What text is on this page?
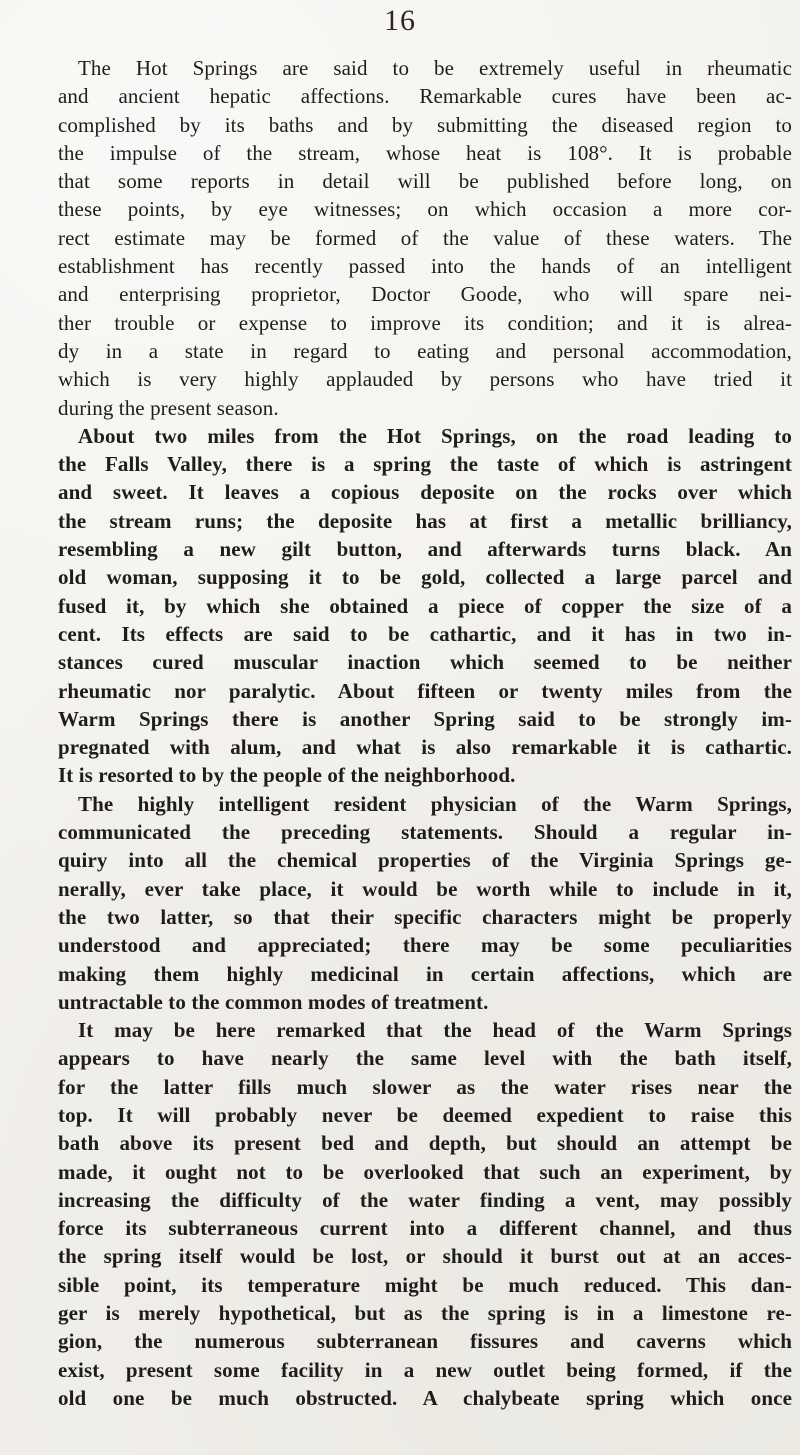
16
The Hot Springs are said to be extremely useful in rheumatic
and ancient hepatic affections. Remarkable cures have been ac-
complished by its baths and by submitting the diseased region to
the impulse of the stream, whose heat is 108°. It is probable
that some reports in detail will be published before long, on
these points, by eye witnesses; on which occasion a more cor-
rect estimate may be formed of the value of these waters. The
establishment has recently passed into the hands of an intelligent
and enterprising proprietor, Doctor Goode, who will spare nei-
ther trouble or expense to improve its condition; and it is alrea-
dy in a state in regard to eating and personal accommodation,
which is very highly applauded by persons who have tried it
during the present season.
About two miles from the Hot Springs, on the road leading to
the Falls Valley, there is a spring the taste of which is astringent
and sweet. It leaves a copious deposite on the rocks over which
the stream runs; the deposite has at first a metallic brilliancy,
resembling a new gilt button, and afterwards turns black. An
old woman, supposing it to be gold, collected a large parcel and
fused it, by which she obtained a piece of copper the size of a
cent. Its effects are said to be cathartic, and it has in two in-
stances cured muscular inaction which seemed to be neither
rheumatic nor paralytic. About fifteen or twenty miles from the
Warm Springs there is another Spring said to be strongly im-
pregnated with alum, and what is also remarkable it is cathartic.
It is resorted to by the people of the neighborhood.
The highly intelligent resident physician of the Warm Springs,
communicated the preceding statements. Should a regular in-
quiry into all the chemical properties of the Virginia Springs ge-
nerally, ever take place, it would be worth while to include in it,
the two latter, so that their specific characters might be properly
understood and appreciated; there may be some peculiarities
making them highly medicinal in certain affections, which are
untractable to the common modes of treatment.
It may be here remarked that the head of the Warm Springs
appears to have nearly the same level with the bath itself,
for the latter fills much slower as the water rises near the
top. It will probably never be deemed expedient to raise this
bath above its present bed and depth, but should an attempt be
made, it ought not to be overlooked that such an experiment, by
increasing the difficulty of the water finding a vent, may possibly
force its subterraneous current into a different channel, and thus
the spring itself would be lost, or should it burst out at an acces-
sible point, its temperature might be much reduced. This dan-
ger is merely hypothetical, but as the spring is in a limestone re-
gion, the numerous subterranean fissures and caverns which
exist, present some facility in a new outlet being formed, if the
old one be much obstructed. A chalybeate spring which once
